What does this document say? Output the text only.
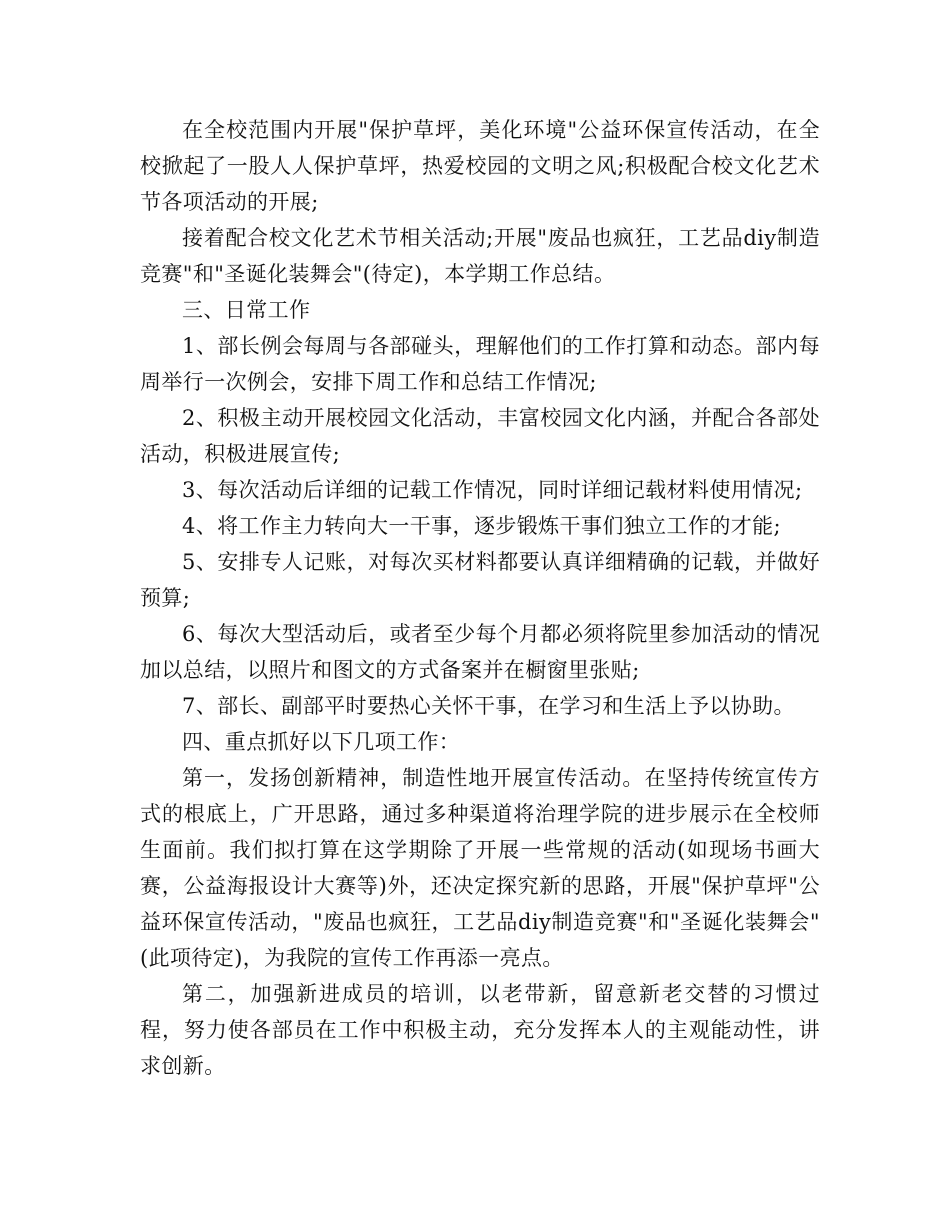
在全校范围内开展"保护草坪，美化环境"公益环保宣传活动，在全校掀起了一股人人保护草坪，热爱校园的文明之风;积极配合校文化艺术节各项活动的开展;

接着配合校文化艺术节相关活动;开展"废品也疯狂，工艺品diy制造竞赛"和"圣诞化装舞会"(待定)，本学期工作总结。

三、日常工作

1、部长例会每周与各部碰头，理解他们的工作打算和动态。部内每周举行一次例会，安排下周工作和总结工作情况;

2、积极主动开展校园文化活动，丰富校园文化内涵，并配合各部处活动，积极进展宣传;

3、每次活动后详细的记载工作情况，同时详细记载材料使用情况;

4、将工作主力转向大一干事，逐步锻炼干事们独立工作的才能;

5、安排专人记账，对每次买材料都要认真详细精确的记载，并做好预算;

6、每次大型活动后，或者至少每个月都必须将院里参加活动的情况加以总结，以照片和图文的方式备案并在橱窗里张贴;

7、部长、副部平时要热心关怀干事，在学习和生活上予以协助。

四、重点抓好以下几项工作：

第一，发扬创新精神，制造性地开展宣传活动。在坚持传统宣传方式的根底上，广开思路，通过多种渠道将治理学院的进步展示在全校师生面前。我们拟打算在这学期除了开展一些常规的活动(如现场书画大赛，公益海报设计大赛等)外，还决定探究新的思路，开展"保护草坪"公益环保宣传活动，"废品也疯狂，工艺品diy制造竞赛"和"圣诞化装舞会"(此项待定)，为我院的宣传工作再添一亮点。

第二，加强新进成员的培训，以老带新，留意新老交替的习惯过程，努力使各部员在工作中积极主动，充分发挥本人的主观能动性，讲求创新。
